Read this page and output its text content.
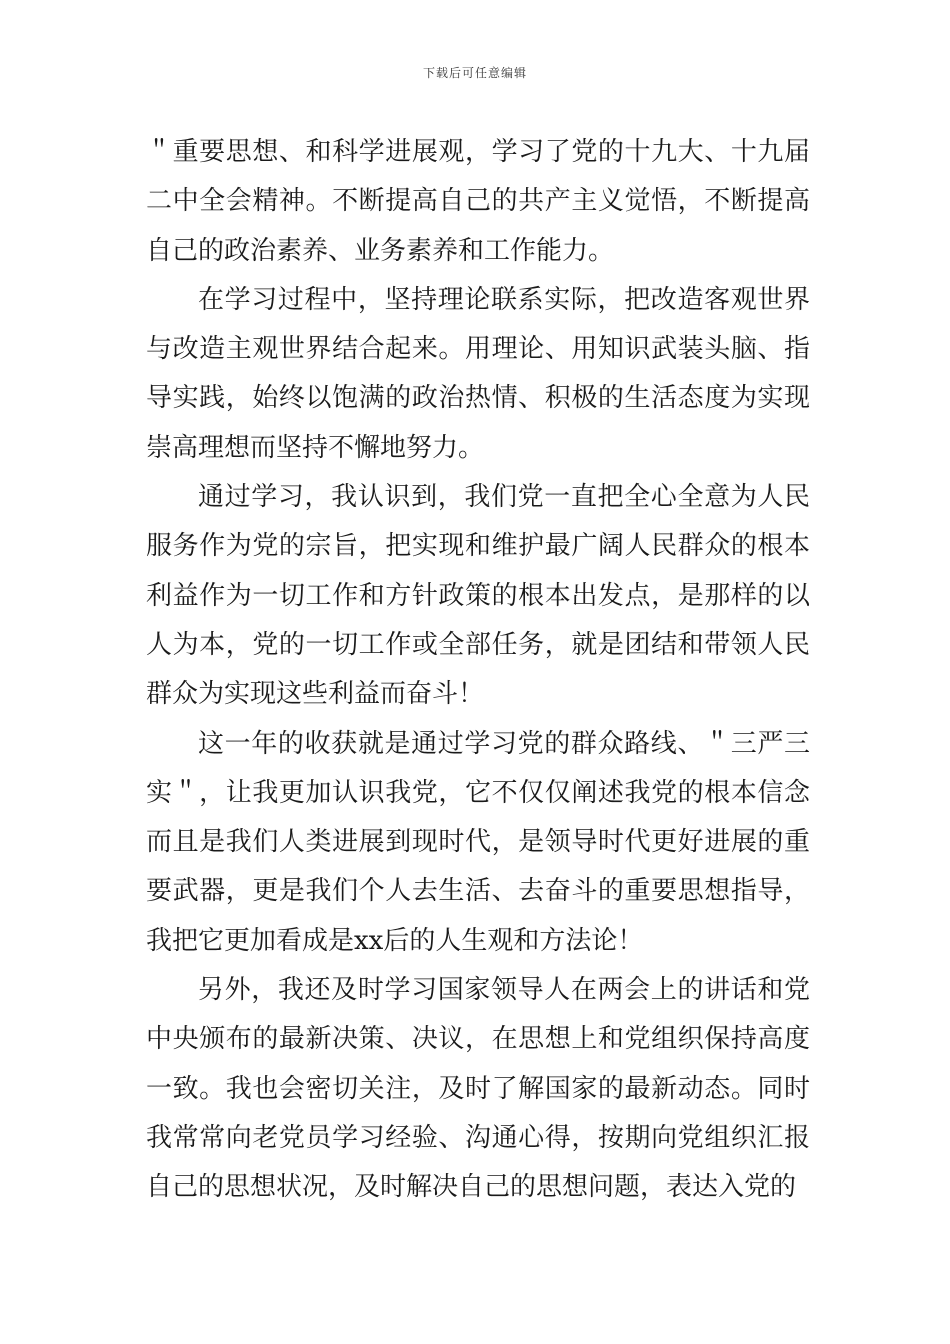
下载后可任意编辑

＂重要思想、和科学进展观，学习了党的十九大、十九届二中全会精神。不断提高自己的共产主义觉悟，不断提高自己的政治素养、业务素养和工作能力。

在学习过程中，坚持理论联系实际，把改造客观世界与改造主观世界结合起来。用理论、用知识武装头脑、指导实践，始终以饱满的政治热情、积极的生活态度为实现崇高理想而坚持不懈地努力。

通过学习，我认识到，我们党一直把全心全意为人民服务作为党的宗旨，把实现和维护最广阔人民群众的根本利益作为一切工作和方针政策的根本出发点，是那样的以人为本，党的一切工作或全部任务，就是团结和带领人民群众为实现这些利益而奋斗！

这一年的收获就是通过学习党的群众路线、＂三严三实＂，让我更加认识我党，它不仅仅阐述我党的根本信念而且是我们人类进展到现时代，是领导时代更好进展的重要武器，更是我们个人去生活、去奋斗的重要思想指导，我把它更加看成是xx后的人生观和方法论！

另外，我还及时学习国家领导人在两会上的讲话和党中央颁布的最新决策、决议，在思想上和党组织保持高度一致。我也会密切关注，及时了解国家的最新动态。同时我常常向老党员学习经验、沟通心得，按期向党组织汇报自己的思想状况，及时解决自己的思想问题，表达入党的
